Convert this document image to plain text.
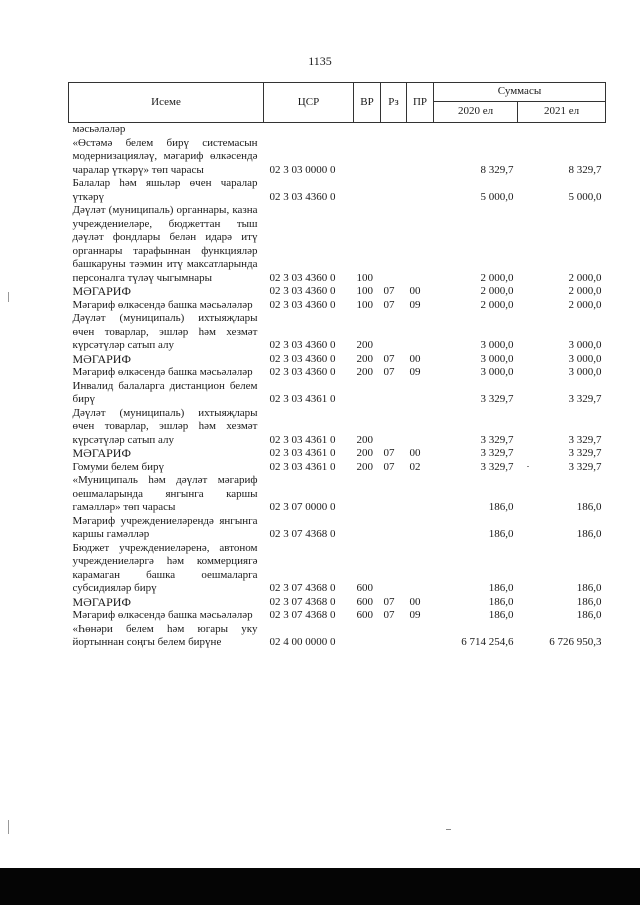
1135
Исеме	ЦСР	ВР	Рз	ПР	Суммасы	
					2020 ел	2021 ел
мәсьәләләр						
«Өстәмә белем бирү системасын модернизацияләү, мәгариф өлкәсендә чаралар үткәрү» төп чарасы	02 3 03 0000 0				8 329,7	8 329,7
Балалар һәм яшьләр өчен чаралар үткәрү	02 3 03 4360 0				5 000,0	5 000,0
Дәүләт (муниципаль) органнары, казна учреждениеләре, бюджеттан тыш дәүләт фондлары белән идарә итү органнары тарафыннан функцияләр башкаруны тәэмин итү максатларында персоналга түләү чыгымнары	02 3 03 4360 0	100			2 000,0	2 000,0
МӘГАРИФ	02 3 03 4360 0	100	07	00	2 000,0	2 000,0
Мәгариф өлкәсендә башка мәсьәләләр	02 3 03 4360 0	100	07	09	2 000,0	2 000,0
Дәүләт (муниципаль) ихтыяҗлары өчен товарлар, эшләр һәм хезмәт күрсәтүләр сатып алу	02 3 03 4360 0	200			3 000,0	3 000,0
МӘГАРИФ	02 3 03 4360 0	200	07	00	3 000,0	3 000,0
Мәгариф өлкәсендә башка мәсьәләләр	02 3 03 4360 0	200	07	09	3 000,0	3 000,0
Инвалид балаларга дистанцион белем бирү	02 3 03 4361 0				3 329,7	3 329,7
Дәүләт (муниципаль) ихтыяҗлары өчен товарлар, эшләр һәм хезмәт күрсәтүләр сатып алу	02 3 03 4361 0	200			3 329,7	3 329,7
МӘГАРИФ	02 3 03 4361 0	200	07	00	3 329,7	3 329,7
Гомуми белем бирү	02 3 03 4361 0	200	07	02	3 329,7	3 329,7
«Муниципаль һәм дәүләт мәгариф оешмаларында янгынга каршы гамәлләр» төп чарасы	02 3 07 0000 0				186,0	186,0
Мәгариф учреждениеләрендә янгынга каршы гамәлләр	02 3 07 4368 0				186,0	186,0
Бюджет учреждениеләренә, автоном учреждениеләргә һәм коммерциягә карамаган башка оешмаларга субсидияләр бирү	02 3 07 4368 0	600			186,0	186,0
МӘГАРИФ	02 3 07 4368 0	600	07	00	186,0	186,0
Мәгариф өлкәсендә башка мәсьәләләр	02 3 07 4368 0	600	07	09	186,0	186,0
«Һөнәри белем һәм югары уку йортыннан соңгы белем бирүне	02 4 00 0000 0				6 714 254,6	6 726 950,3
